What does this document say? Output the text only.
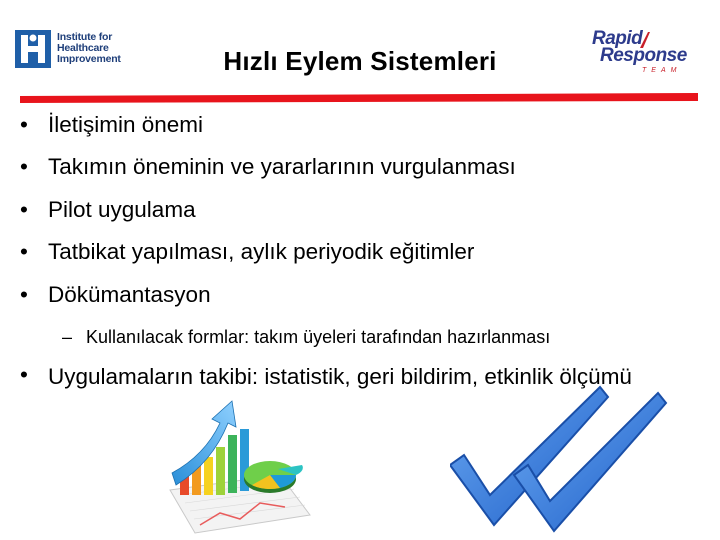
Institute for
Healthcare
Improvement	Hızlı Eylem Sistemleri
Rapid
Response
TEAM
• İletişimin önemi
• Takımın öneminin ve yararlarının vurgulanması
• Pilot uygulama
• Tatbikat yapılması, aylık periyodik eğitimler
• Dökümantasyon
– Kullanılacak formlar: takım üyeleri tarafından hazırlanması
• Uygulamaların takibi: istatistik, geri bildirim, etkinlik ölçümü
